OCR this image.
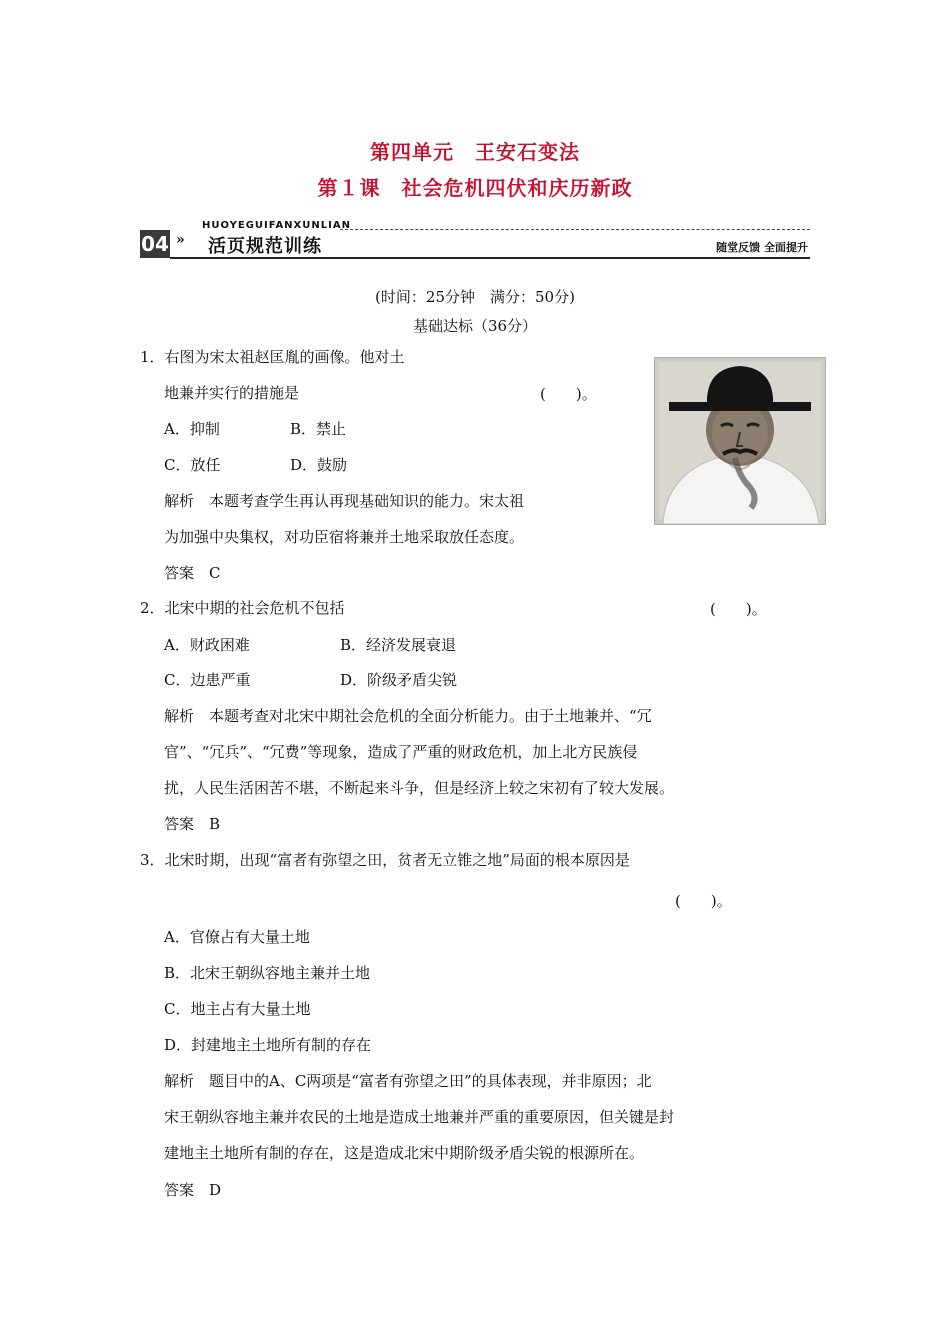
第四单元　王安石变法
第１课　社会危机四伏和庆历新政
HUOYEGUIFANXUNLIAN
04 » 活页规范训练	随堂反馈 全面提升
(时间：25分钟　满分：50分)
基础达标（36分）
1．右图为宋太祖赵匡胤的画像。他对土
地兼并实行的措施是	(　　)。
A．抑制	B．禁止
C．放任	D．鼓励
解析　本题考查学生再认再现基础知识的能力。宋太祖
为加强中央集权，对功臣宿将兼并土地采取放任态度。
答案　C
2．北宋中期的社会危机不包括	(　　)。
A．财政困难	B．经济发展衰退
C．边患严重	D．阶级矛盾尖锐
解析　本题考查对北宋中期社会危机的全面分析能力。由于土地兼并、“冗
官”、“冗兵”、“冗费”等现象，造成了严重的财政危机，加上北方民族侵
扰，人民生活困苦不堪，不断起来斗争，但是经济上较之宋初有了较大发展。
答案　B
3．北宋时期，出现“富者有弥望之田，贫者无立锥之地”局面的根本原因是
(　　)。
A．官僚占有大量土地
B．北宋王朝纵容地主兼并土地
C．地主占有大量土地
D．封建地主土地所有制的存在
解析　题目中的A、C两项是“富者有弥望之田”的具体表现，并非原因；北
宋王朝纵容地主兼并农民的土地是造成土地兼并严重的重要原因，但关键是封
建地主土地所有制的存在，这是造成北宋中期阶级矛盾尖锐的根源所在。
答案　D
